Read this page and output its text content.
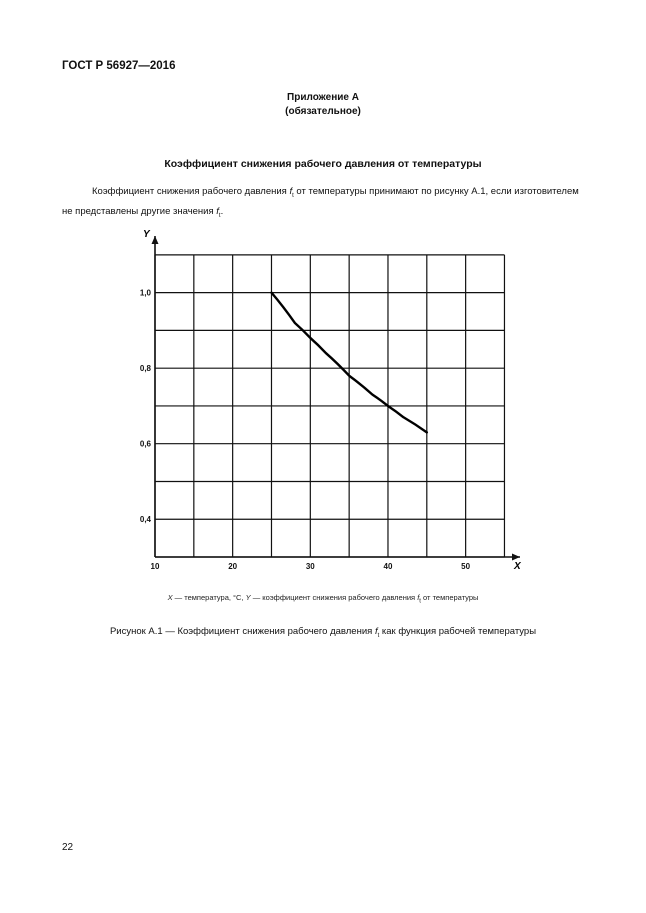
ГОСТ Р 56927—2016
Приложение А
(обязательное)
Коэффициент снижения рабочего давления от температуры
Коэффициент снижения рабочего давления $f_t$ от температуры принимают по рисунку А.1, если изготовителем
не представлены другие значения $f_t$.
10	20	30	40	50
0,4
0,6
0,8
1,0
Y
X
X — температура, °С, Y — коэффициент снижения рабочего давления $f_t$ от температуры
Рисунок А.1 — Коэффициент снижения рабочего давления $f_t$ как функция рабочей температуры
22
